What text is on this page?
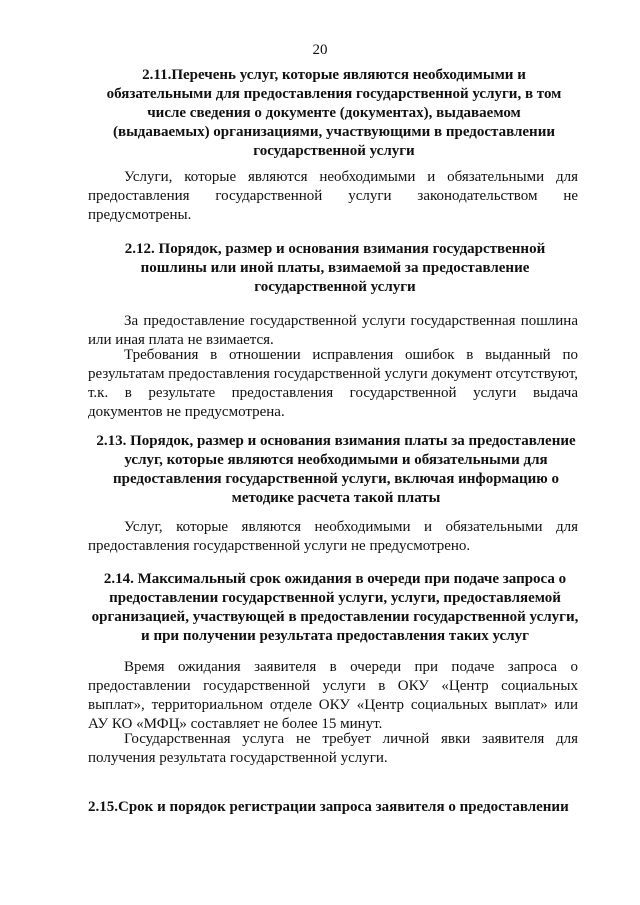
20
2.11.Перечень услуг, которые являются необходимыми и обязательными для предоставления государственной услуги, в том числе сведения о документе (документах), выдаваемом (выдаваемых) организациями, участвующими в предоставлении государственной услуги
Услуги, которые являются необходимыми и обязательными для предоставления государственной услуги законодательством не предусмотрены.
2.12. Порядок, размер и основания взимания государственной пошлины или иной платы, взимаемой за предоставление государственной услуги
За предоставление государственной услуги государственная пошлина или иная плата не взимается.
Требования в отношении исправления ошибок в выданный по результатам предоставления государственной услуги документ отсутствуют, т.к. в результате предоставления государственной услуги выдача документов не предусмотрена.
2.13. Порядок, размер и основания взимания платы за предоставление услуг, которые являются необходимыми и обязательными для предоставления государственной услуги, включая информацию о методике расчета такой платы
Услуг, которые являются необходимыми и обязательными для предоставления государственной услуги не предусмотрено.
2.14. Максимальный срок ожидания в очереди при подаче запроса о предоставлении государственной услуги, услуги, предоставляемой организацией, участвующей в предоставлении государственной услуги, и при получении результата предоставления таких услуг
Время ожидания заявителя в очереди при подаче запроса о предоставлении государственной услуги в ОКУ «Центр социальных выплат», территориальном отделе ОКУ «Центр социальных выплат» или АУ КО «МФЦ» составляет не более 15 минут.
Государственная услуга не требует личной явки заявителя для получения результата государственной услуги.
2.15.Срок и порядок регистрации запроса заявителя о предоставлении
